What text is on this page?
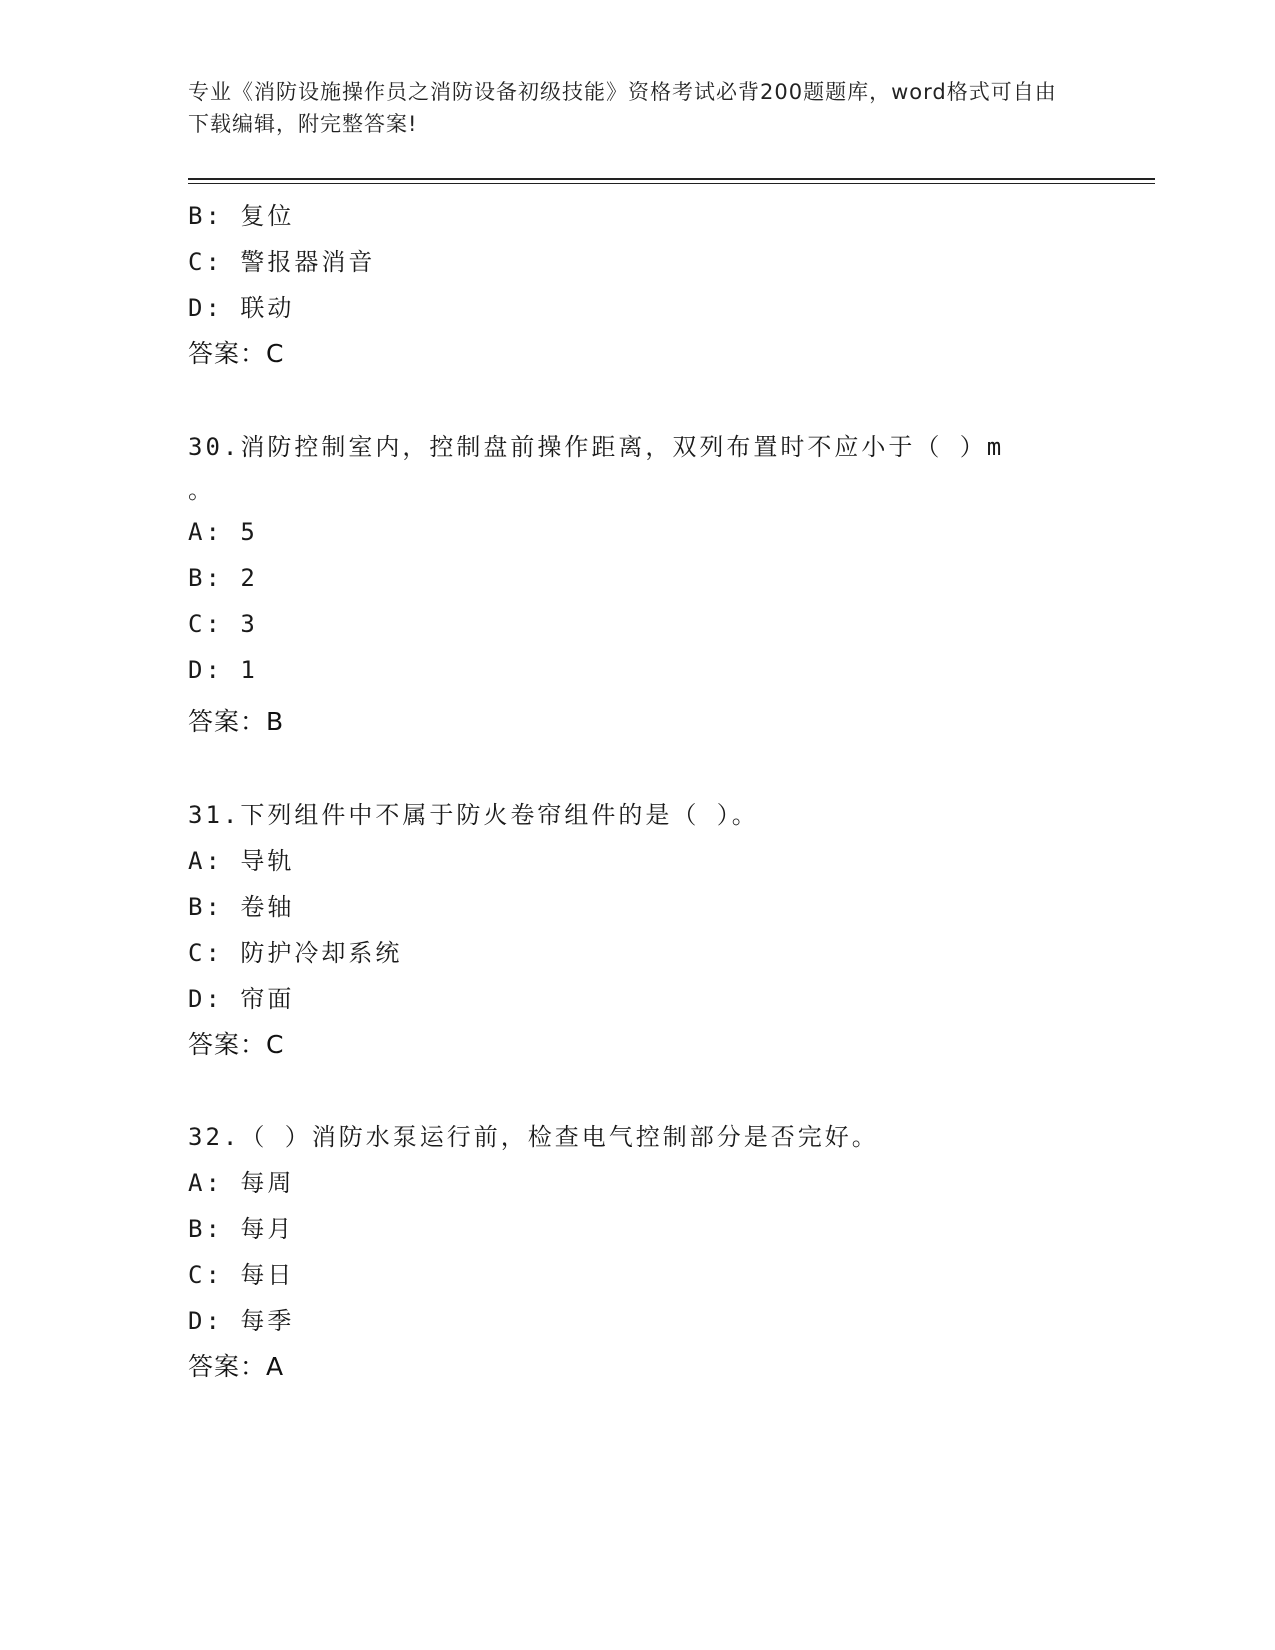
专业《消防设施操作员之消防设备初级技能》资格考试必背200题题库，word格式可自由下载编辑，附完整答案!
B: 复位
C: 警报器消音
D: 联动
答案：C
30.消防控制室内，控制盘前操作距离，双列布置时不应小于（ ）m
。
A: 5
B: 2
C: 3
D: 1
答案：B
31.下列组件中不属于防火卷帘组件的是（ ）。
A: 导轨
B: 卷轴
C: 防护冷却系统
D: 帘面
答案：C
32.（ ）消防水泵运行前，检查电气控制部分是否完好。
A: 每周
B: 每月
C: 每日
D: 每季
答案：A
